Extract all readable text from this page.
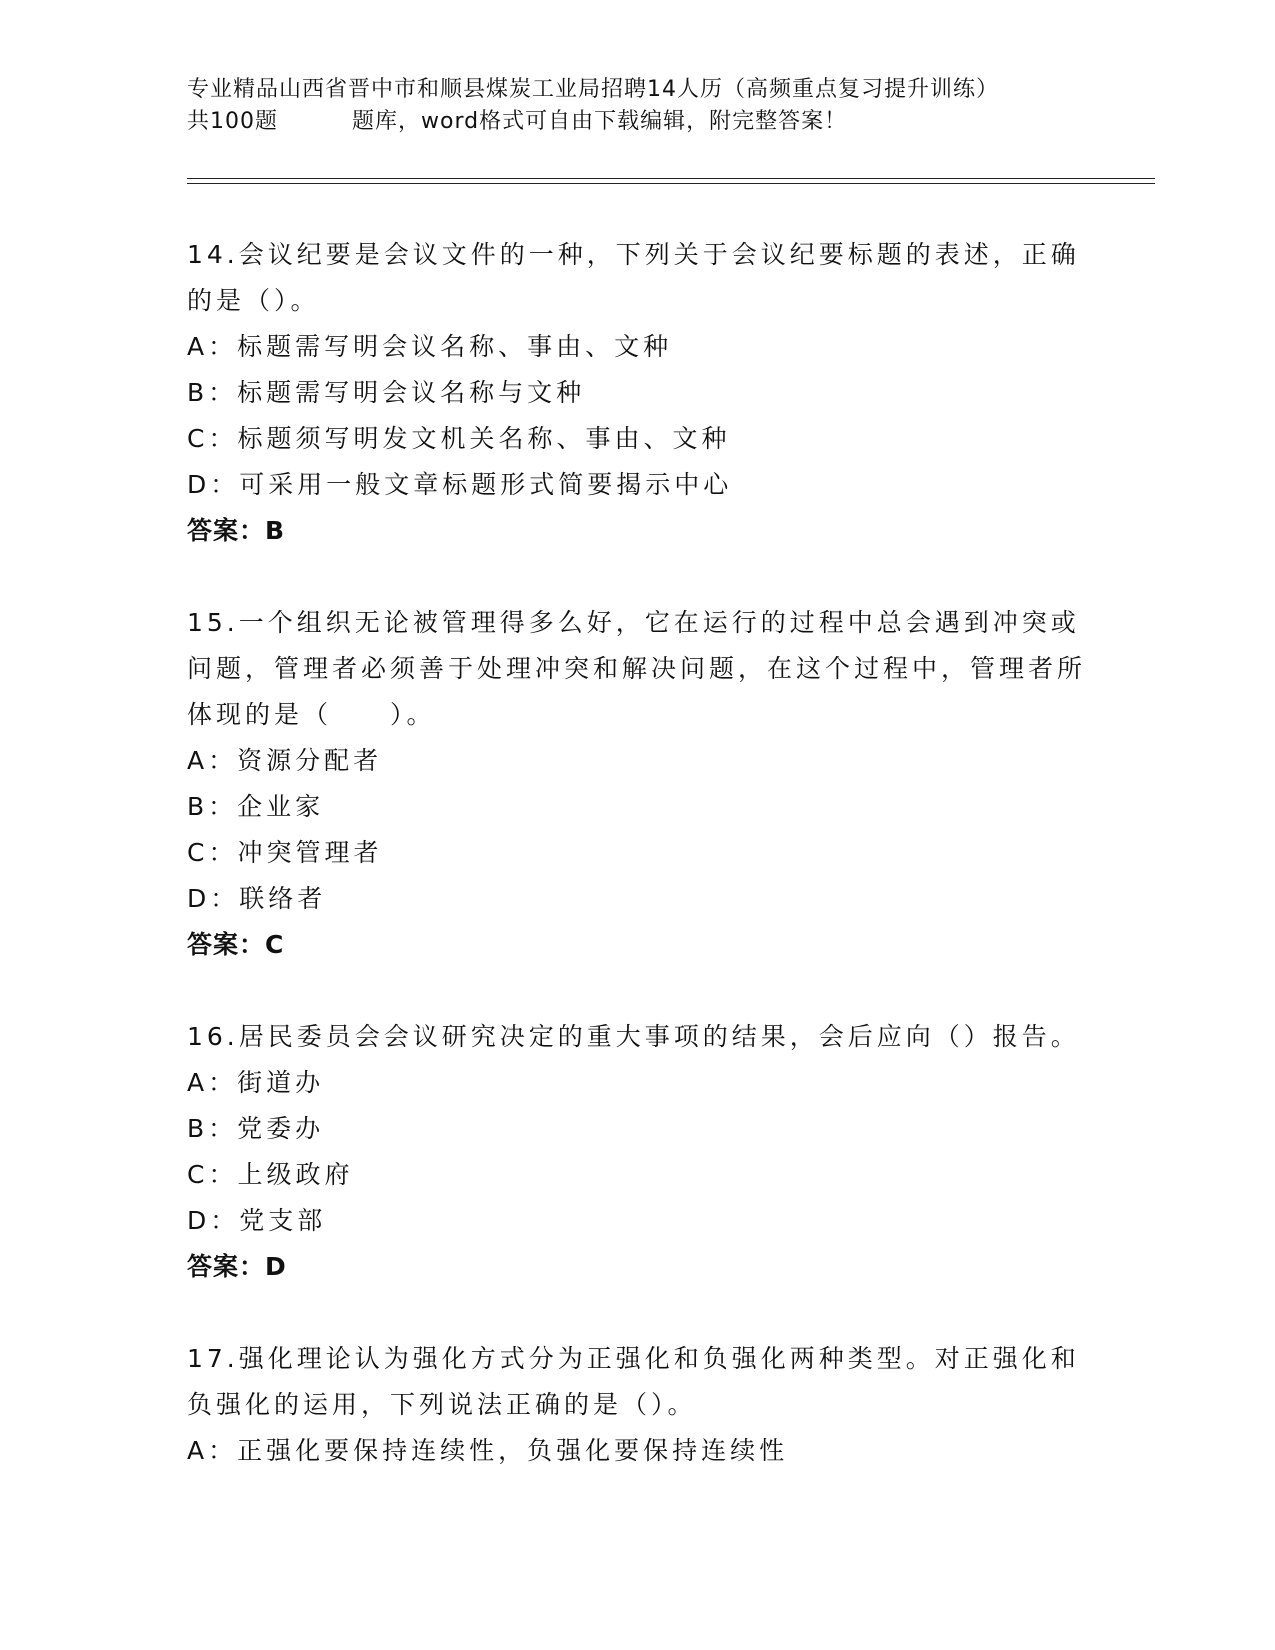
专业精品山西省晋中市和顺县煤炭工业局招聘14人历（高频重点复习提升训练）
共100题	题库，word格式可自由下载编辑，附完整答案！
14.会议纪要是会议文件的一种，下列关于会议纪要标题的表述，正确的是（）。
A：标题需写明会议名称、事由、文种
B：标题需写明会议名称与文种
C：标题须写明发文机关名称、事由、文种
D：可采用一般文章标题形式简要揭示中心
答案：B
15.一个组织无论被管理得多么好，它在运行的过程中总会遇到冲突或问题，管理者必须善于处理冲突和解决问题，在这个过程中，管理者所体现的是（　　）。
A：资源分配者
B：企业家
C：冲突管理者
D：联络者
答案：C
16.居民委员会会议研究决定的重大事项的结果，会后应向（）报告。
A：街道办
B：党委办
C：上级政府
D：党支部
答案：D
17.强化理论认为强化方式分为正强化和负强化两种类型。对正强化和负强化的运用，下列说法正确的是（）。
A：正强化要保持连续性，负强化要保持连续性
